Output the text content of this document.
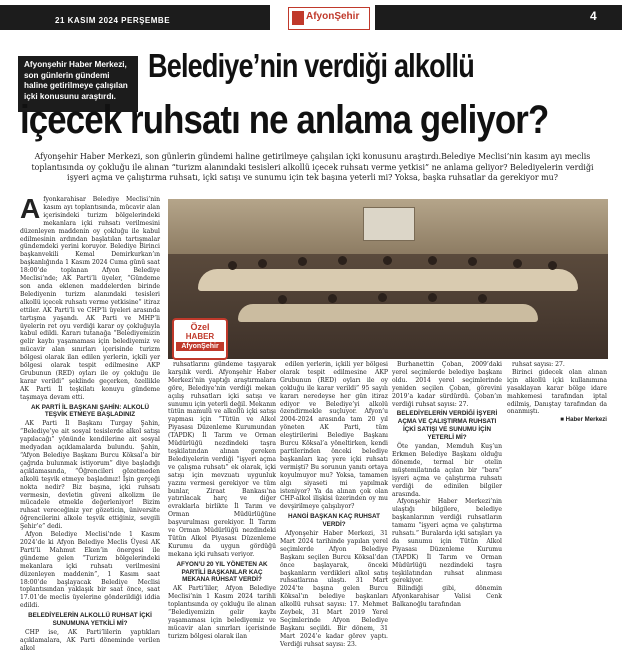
21 KASIM 2024 PERŞEMBE	AfyonŞehir	4
Afyonşehir Haber Merkezi, son günlerin gündemi haline getirilmeye çalışılan içki konusunu araştırdı.
Belediye’nin verdiği alkollü
içecek ruhsatı ne anlama geliyor?
Afyonşehir Haber Merkezi, son günlerin gündemi haline getirilmeye çalışılan içki konusunu araştırdı.Belediye Meclisi’nin kasım ayı meclis toplantısında oy çokluğu ile alınan “turizm alanındaki tesisleri alkollü içecek ruhsatı verme yetkisi” ne anlama geliyor? Belediyelerin verdiği işyeri açma ve çalıştırma ruhsatı, içki satışı ve sunumu için tek başına yeterli mi? Yoksa, başka ruhsatlar da gerekiyor mu?
Özel
HABER
AfyonŞehir

Afyonkarahisar Belediye Meclisi’nin kasım ayı toplantısında, mücavir alan içerisindeki turizm bölgelerindeki mekanlara içki ruhsatı verilmesini düzenleyen maddenin oy çokluğu ile kabul edilmesinin ardından başlatılan tartışmalar gündemdeki yerini koruyor. Belediye Birinci başkanvekili Kemal Demirkurkan’ın başkanlığında 1 Kasım 2024 Cuma günü saat 18:00’de toplanan Afyon Belediye Meclisi’nde; AK Parti’li üyeler, “Gündeme son anda eklenen maddelerden birinde Belediyenin turizm alanındaki tesisleri alkollü içecek ruhsatı verme yetkisine” itiraz ettiler. AK Parti’li ve CHP’li üyeleri arasında tartışma yaşandı. AK Parti ve MHP’li üyelerin ret oyu verdiği karar oy çokluğuyla kabul edildi. Kararı tutanağa “Belediyemizin gelir kaybı yaşamaması için belediyemiz ve mücavir alan sınırları içerisinde turizm bölgesi olarak ilan edilen yerlerin, içkili yer bölgesi olarak tespit edilmesine AKP Grubunun (RED) oyları ile oy çokluğu ile karar verildi” şeklinde geçerken, özellikle AK Parti İl teşkilatı konuyu gündeme taşımaya devam etti.

AK PARTİ İL BAŞKANI ŞAHİN: ALKOLÜ TEŞVİK ETMEYE BAŞLADINIZ

AK Parti İl Başkanı Turgay Şahin, “Belediye’ye ait sosyal tesislerde alkol satışı yapılacağı” yönünde kendilerine ait sosyal medyadan açıklamalarda bulundu. Şahin, “Afyon Belediye Başkanı Burcu Köksal’a bir çağrıda bulunmak istiyorum” diye başladığı açıklamasında, “Öğrencileri gözetmeden alkolü teşvik etmeye başladınız! İşin gerçeği nokta nedir? Biz başına, içki ruhsatı vermesin, devletin güveni alkolizm ile mücadele etmekle değerleniyor! Bizim ruhsat vereceğiniz yer gözeticin, üniversite öğrencilerini alkole teşvik ettiğiniz, sevgili Şehir’e” dedi.

Afyon Belediye Meclisi’nde 1 Kasım 2024’de ki Afyon Belediye Meclis Üyesi AK Parti’li Mahmut Eken’in önergesi ile gündeme gelen “Turizm bölgelerindeki mekanlara içki ruhsatı verilmesini düzenleyen maddenin”, 1 Kasım saat 18:00’de başlayacak Belediye Meclisi toplantısından yaklaşık bir saat önce, saat 17.01’de meclis üyelerine gönderildiği iddia edildi.

BELEDİYELERİN ALKOLLÜ RUHSAT İÇKİ SUNUMUNA YETKİLİ Mİ?

CHP ise, AK Parti’lilerin yaptıkları açıklamalara, AK Parti döneminde verilen alkol

ruhsatlarını gündeme taşıyarak karşılık verdi. Afyonşehir Haber Merkezi’nin yaptığı araştırmalara göre, Belediye’nin verdiği mekan açılış ruhsatları içki satışı ve sunumu için yeterli değil. Mekanın tütün mamulü ve alkollü içki satışı yapması için “Tütün ve Alkol Piyasası Düzenleme Kurumundan (TAPDK) İl Tarım ve Orman Müdürlüğü nezdindeki taşra teşkilatından alınan gereken Belediyelerin verdiği “işyeri açma ve çalışma ruhsatı” ek olarak, içki satışı için mevzuatı uygunluk yazını vermesi gerekiyor ve tüm bunlar, Ziraat Bankası’na yatırılacak harç ve diğer evraklarla birlikte İl Tarım ve Orman Müdürlüğüne başvurulması gerekiyor. İl Tarım ve Orman Müdürlüğü nezdindeki Tütün Alkol Piyasası Düzenleme Kurumu da uygun gördüğü mekana içki ruhsatı veriyor.

AFYON’U 20 YIL YÖNETEN AK PARTİLİ BAŞKANLAR KAÇ MEKANA RUHSAT VERDİ?

AK Parti’liler, Afyon Belediye Meclisi’nin 1 Kasım 2024 tarihli toplantısında oy çokluğu ile alınan “Belediyemizin gelir kaybı yaşamaması için belediyemiz ve mücavir alan sınırları içerisinde turizm bölgesi olarak ilan

edilen yerlerin, içkili yer bölgesi olarak tespit edilmesine AKP Grubunun (RED) oyları ile oy çokluğu ile karar verildi” 95 sayılı kararı neredeyse her gün itiraz ediyor ve Belediye’yi alkolü özendirmekle suçluyor. Afyon’u 2004-2024 arasında tam 20 yıl yöneten AK Parti, tüm eleştirilerini Belediye Başkanı Burcu Köksal’a yöneltirken, kendi partilerinden önceki belediye başkanları kaç yere içki ruhsatı vermişti? Bu sorunun yanıtı ortaya koyulmuyor mu? Yoksa, tamamen algı siyaseti mi yapılmak isteniyor? Ya da alınan çok olan CHP-alkol ilişkisi üzerinden oy mu devşirilmeye çalışılıyor?

HANGİ BAŞKAN KAÇ RUHSAT VERDİ?

Afyonşehir Haber Merkezi, 31 Mart 2024 tarihinde yapılan yerel seçimlerde Afyon Belediye Başkanı seçilen Burcu Köksal’dan önce başlayarak, önceki başkanların verdikleri alkol satış ruhsatlarına ulaştı. 31 Mart 2024’te başına gelen Burcu Köksal’ın belediye başkanları alkollü ruhsat sayısı: 17. Mehmet Zeybek, 31 Mart 2019 Yerel Seçimlerinde Afyon Belediye Başkanı seçildi. Bir dönem, 31 Mart 2024’e kadar görev yaptı. Verdiği ruhsat sayısı: 23.

Burhanettin Çoban, 2009’daki yerel seçimlerde belediye başkanı oldu. 2014 yerel seçimlerinde yeniden seçilen Çoban, görevini 2019’a kadar sürdürdü. Çoban’ın verdiği ruhsat sayısı: 27.

BELEDİYELERİN VERDİĞİ İŞYERİ AÇMA VE ÇALIŞTIRMA RUHSATI İÇKİ SATIŞI VE SUNUMU İÇİN YETERLİ Mİ?

Öte yandan, Memduh Kuş’un Erkmen Belediye Başkanı olduğu dönemde, termal bir otelin müştemilatında açılan bir “bara” işyeri açma ve çalıştırma ruhsatı verdiği de edinilen bilgiler arasında.

Afyonşehir Haber Merkezi’nin ulaştığı bilgilere, belediye başkanlarının verdiği ruhsatların tamamı “işyeri açma ve çalıştırma ruhsatı.” Buralarda içki satışları ya da sunumu için Tütün Alkol Piyasası Düzenleme Kurumu (TAPDK) İl Tarım ve Orman Müdürlüğü nezdindeki taşra teşkilatından ruhsat alınması gerekiyor.

Bilindiği gibi, dönemin Afyonkarahisar Valisi Cenk Balkanoğlu tarafından

ruhsat sayısı: 27.

Birinci gidecek olan alınan için alkollü içki kullanımına yasaklayan karar bölge idare mahkemesi tarafından iptal edilmiş, Danıştay tarafından da onanmıştı.

■ Haber Merkezi
